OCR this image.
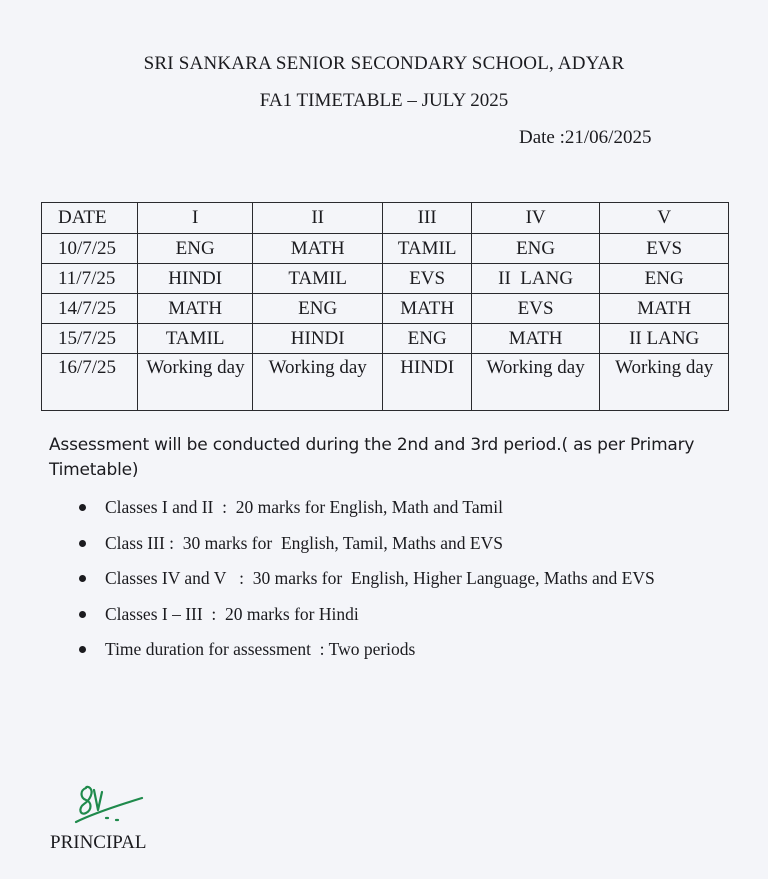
SRI SANKARA SENIOR SECONDARY SCHOOL, ADYAR
FA1 TIMETABLE – JULY 2025
Date :21/06/2025
DATE	I	II	III	IV	V
10/7/25	ENG	MATH	TAMIL	ENG	EVS
11/7/25	HINDI	TAMIL	EVS	II  LANG	ENG
14/7/25	MATH	ENG	MATH	EVS	MATH
15/7/25	TAMIL	HINDI	ENG	MATH	II LANG
16/7/25	Working day	Working day	HINDI	Working day	Working day
Assessment will be conducted during the 2nd and 3rd period.( as per Primary Timetable)
Classes I and II  :  20 marks for English, Math and Tamil
Class III :  30 marks for  English, Tamil, Maths and EVS
Classes IV and V   :  30 marks for  English, Higher Language, Maths and EVS
Classes I – III  :  20 marks for Hindi
Time duration for assessment  : Two periods
PRINCIPAL
